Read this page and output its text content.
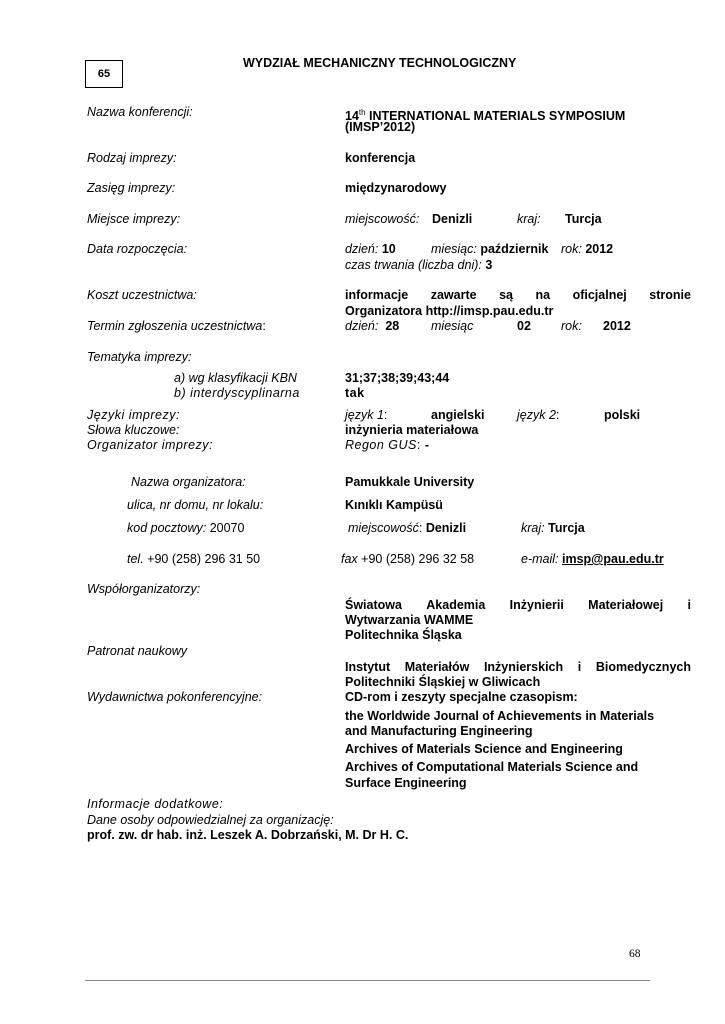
65
WYDZIAŁ MECHANICZNY TECHNOLOGICZNY
Nazwa konferencji:	14th INTERNATIONAL MATERIALS SYMPOSIUM
(IMSP’2012)
Rodzaj imprezy:	konferencja
Zasięg imprezy:	międzynarodowy
Miejsce imprezy:	miejscowość: Denizli	kraj: Turcja
Data rozpoczęcia:	dzień: 10	miesiąc: październik rok: 2012
czas trwania (liczba dni): 3
Koszt uczestnictwa:	informacje zawarte są na oficjalnej stronie
Organizatora http://imsp.pau.edu.tr
Termin zgłoszenia uczestnictwa:	dzień: 28	miesiąc	02 rok: 2012
Tematyka imprezy:
a) wg klasyfikacji KBN	31;37;38;39;43;44
b) interdyscyplinarna	tak
Języki imprezy:	język 1:	angielski	język 2:	polski
Słowa kluczowe:	inżynieria materiałowa
Organizator imprezy:	Regon GUS: -
Nazwa organizatora:	Pamukkale University
ulica, nr domu, nr lokalu:	Kınıklı Kampüsü
kod pocztowy: 20070	miejscowość: Denizli	kraj: Turcja
tel. +90 (258) 296 31 50	fax +90 (258) 296 32 58	e-mail: imsp@pau.edu.tr
Współorganizatorzy:
Światowa Akademia Inżynierii Materiałowej i
Wytwarzania WAMME
Politechnika Śląska
Patronat naukowy
Instytut Materiałów Inżynierskich i Biomedycznych
Politechniki Śląskiej w Gliwicach
Wydawnictwa pokonferencyjne:	CD-rom i zeszyty specjalne czasopism:
the Worldwide Journal of Achievements in Materials
and Manufacturing Engineering
Archives of Materials Science and Engineering
Archives of Computational Materials Science and
Surface Engineering
Informacje dodatkowe:
Dane osoby odpowiedzialnej za organizację:
prof. zw. dr hab. inż. Leszek A. Dobrzański, M. Dr H. C.
68
